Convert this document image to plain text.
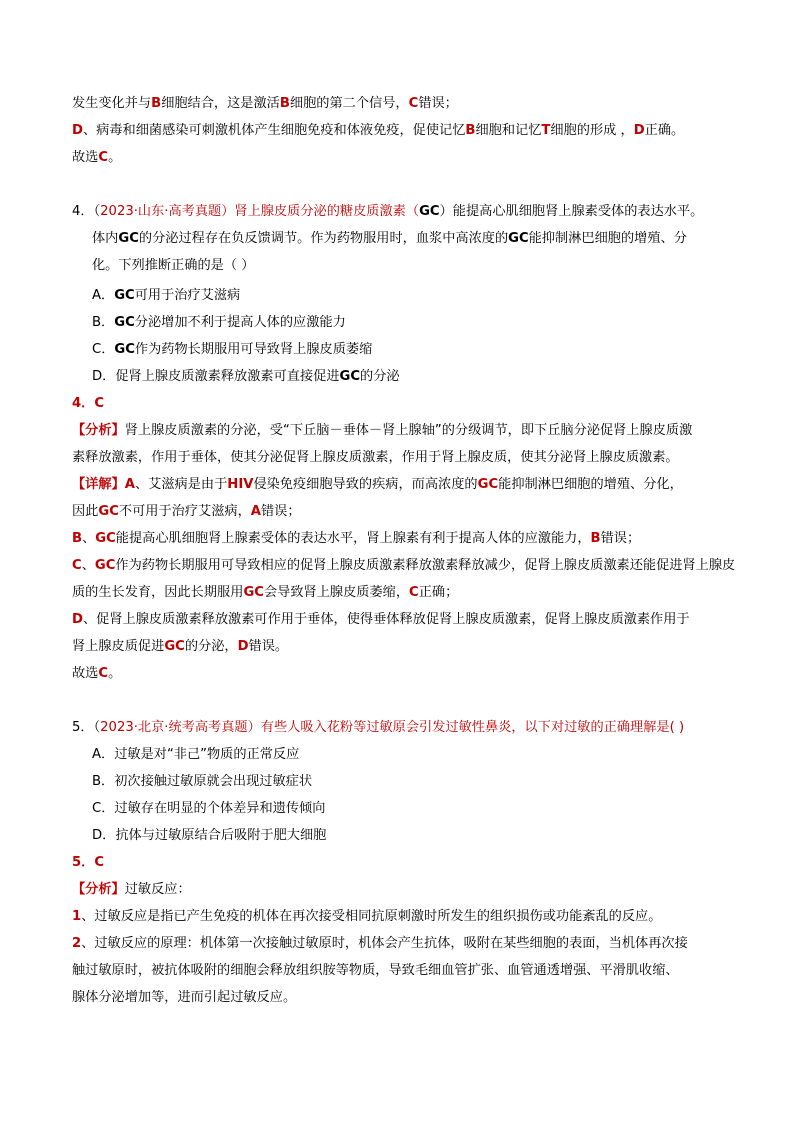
发生变化并与B细胞结合，这是激活B细胞的第二个信号，C错误；
D、病毒和细菌感染可刺激机体产生细胞免疫和体液免疫，促使记忆B细胞和记忆T细胞的形成 ，D正确。
故选C。
4．（2023·山东·高考真题）肾上腺皮质分泌的糖皮质激素（GC）能提高心肌细胞肾上腺素受体的表达水平。
体内GC的分泌过程存在负反馈调节。作为药物服用时，血浆中高浓度的GC能抑制淋巴细胞的增殖、分
化。下列推断正确的是（ ）
A．GC可用于治疗艾滋病
B．GC分泌增加不利于提高人体的应激能力
C．GC作为药物长期服用可导致肾上腺皮质萎缩
D．促肾上腺皮质激素释放激素可直接促进GC的分泌
4．C
【分析】肾上腺皮质激素的分泌，受“下丘脑－垂体－肾上腺轴”的分级调节，即下丘脑分泌促肾上腺皮质激
素释放激素，作用于垂体，使其分泌促肾上腺皮质激素，作用于肾上腺皮质，使其分泌肾上腺皮质激素。
【详解】A、艾滋病是由于HIV侵染免疫细胞导致的疾病，而高浓度的GC能抑制淋巴细胞的增殖、分化，
因此GC不可用于治疗艾滋病，A错误；
B、GC能提高心肌细胞肾上腺素受体的表达水平，肾上腺素有利于提高人体的应激能力，B错误；
C、GC作为药物长期服用可导致相应的促肾上腺皮质激素释放激素释放减少，促肾上腺皮质激素还能促进肾上腺皮
质的生长发育，因此长期服用GC会导致肾上腺皮质萎缩，C正确；
D、促肾上腺皮质激素释放激素可作用于垂体，使得垂体释放促肾上腺皮质激素，促肾上腺皮质激素作用于
肾上腺皮质促进GC的分泌，D错误。
故选C。
5．（2023·北京·统考高考真题）有些人吸入花粉等过敏原会引发过敏性鼻炎，以下对过敏的正确理解是( )
A．过敏是对“非己”物质的正常反应
B．初次接触过敏原就会出现过敏症状
C．过敏存在明显的个体差异和遗传倾向
D．抗体与过敏原结合后吸附于肥大细胞
5．C
【分析】过敏反应：
1、过敏反应是指已产生免疫的机体在再次接受相同抗原刺激时所发生的组织损伤或功能紊乱的反应。
2、过敏反应的原理：机体第一次接触过敏原时，机体会产生抗体，吸附在某些细胞的表面，当机体再次接
触过敏原时，被抗体吸附的细胞会释放组织胺等物质，导致毛细血管扩张、血管通透增强、平滑肌收缩、
腺体分泌增加等，进而引起过敏反应。
